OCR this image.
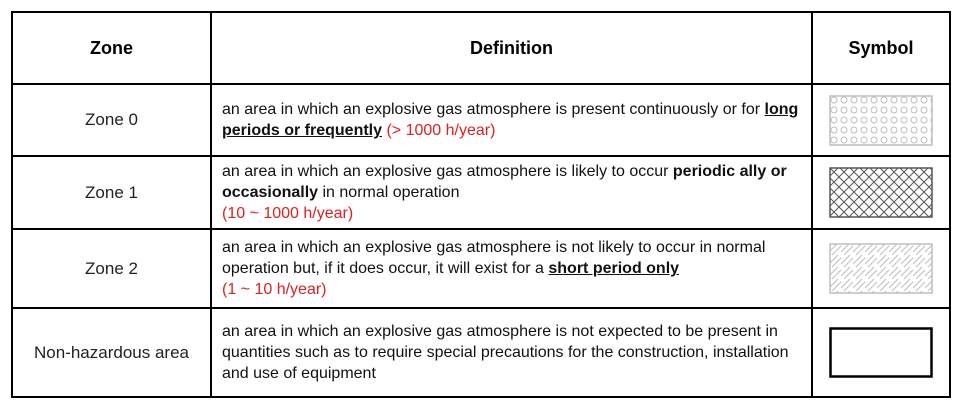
Zone	Definition	Symbol
Zone 0	an area in which an explosive gas atmosphere is present continuously or for long periods or frequently (> 1000 h/year)	

Zone 1	an area in which an explosive gas atmosphere is likely to occur periodic ally or occasionally in normal operation
(10 ~ 1000 h/year)	

Zone 2	an area in which an explosive gas atmosphere is not likely to occur in normal operation but, if it does occur, it will exist for a short period only
(1 ~ 10 h/year)	

Non-hazardous area	an area in which an explosive gas atmosphere is not expected to be present in quantities such as to require special precautions for the construction, installation and use of equipment	
